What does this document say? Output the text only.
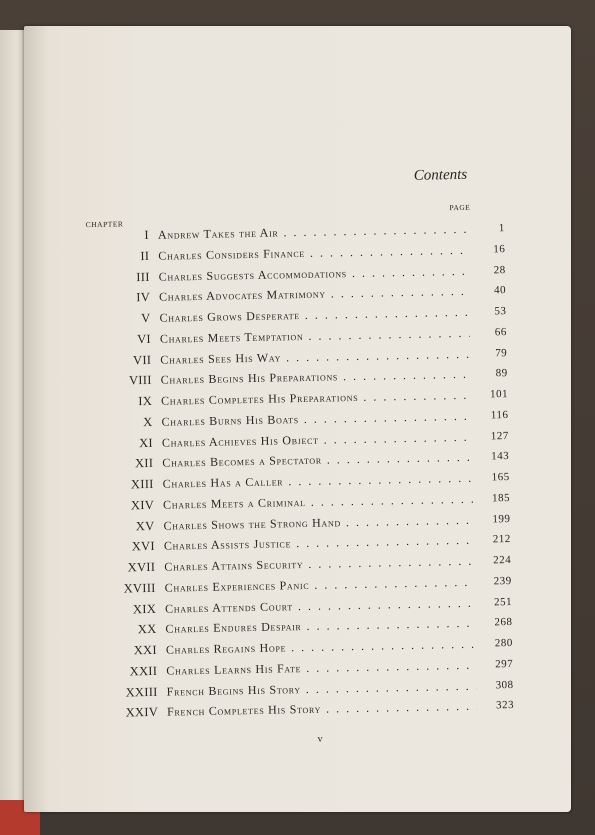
Contents
PAGE
CHAPTER
I Andrew Takes the Air . .	1
II Charles Considers Finance . .	16
III Charles Suggests Accommodations . .	28
IV Charles Advocates Matrimony . .	40
V Charles Grows Desperate . .	53
VI Charles Meets Temptation . .	66
VII Charles Sees His Way . .	79
VIII Charles Begins His Preparations . .	89
IX Charles Completes His Preparations . .	101
X Charles Burns His Boats . .	116
XI Charles Achieves His Object . .	127
XII Charles Becomes a Spectator . .	143
XIII Charles Has a Caller . .	165
XIV Charles Meets a Criminal . .	185
XV Charles Shows the Strong Hand . .	199
XVI Charles Assists Justice . .	212
XVII Charles Attains Security . .	224
XVIII Charles Experiences Panic . .	239
XIX Charles Attends Court . .	251
XX Charles Endures Despair . .	268
XXI Charles Regains Hope . .	280
XXII Charles Learns His Fate . .	297
XXIII French Begins His Story . .	308
XXIV French Completes His Story . .	323
v
